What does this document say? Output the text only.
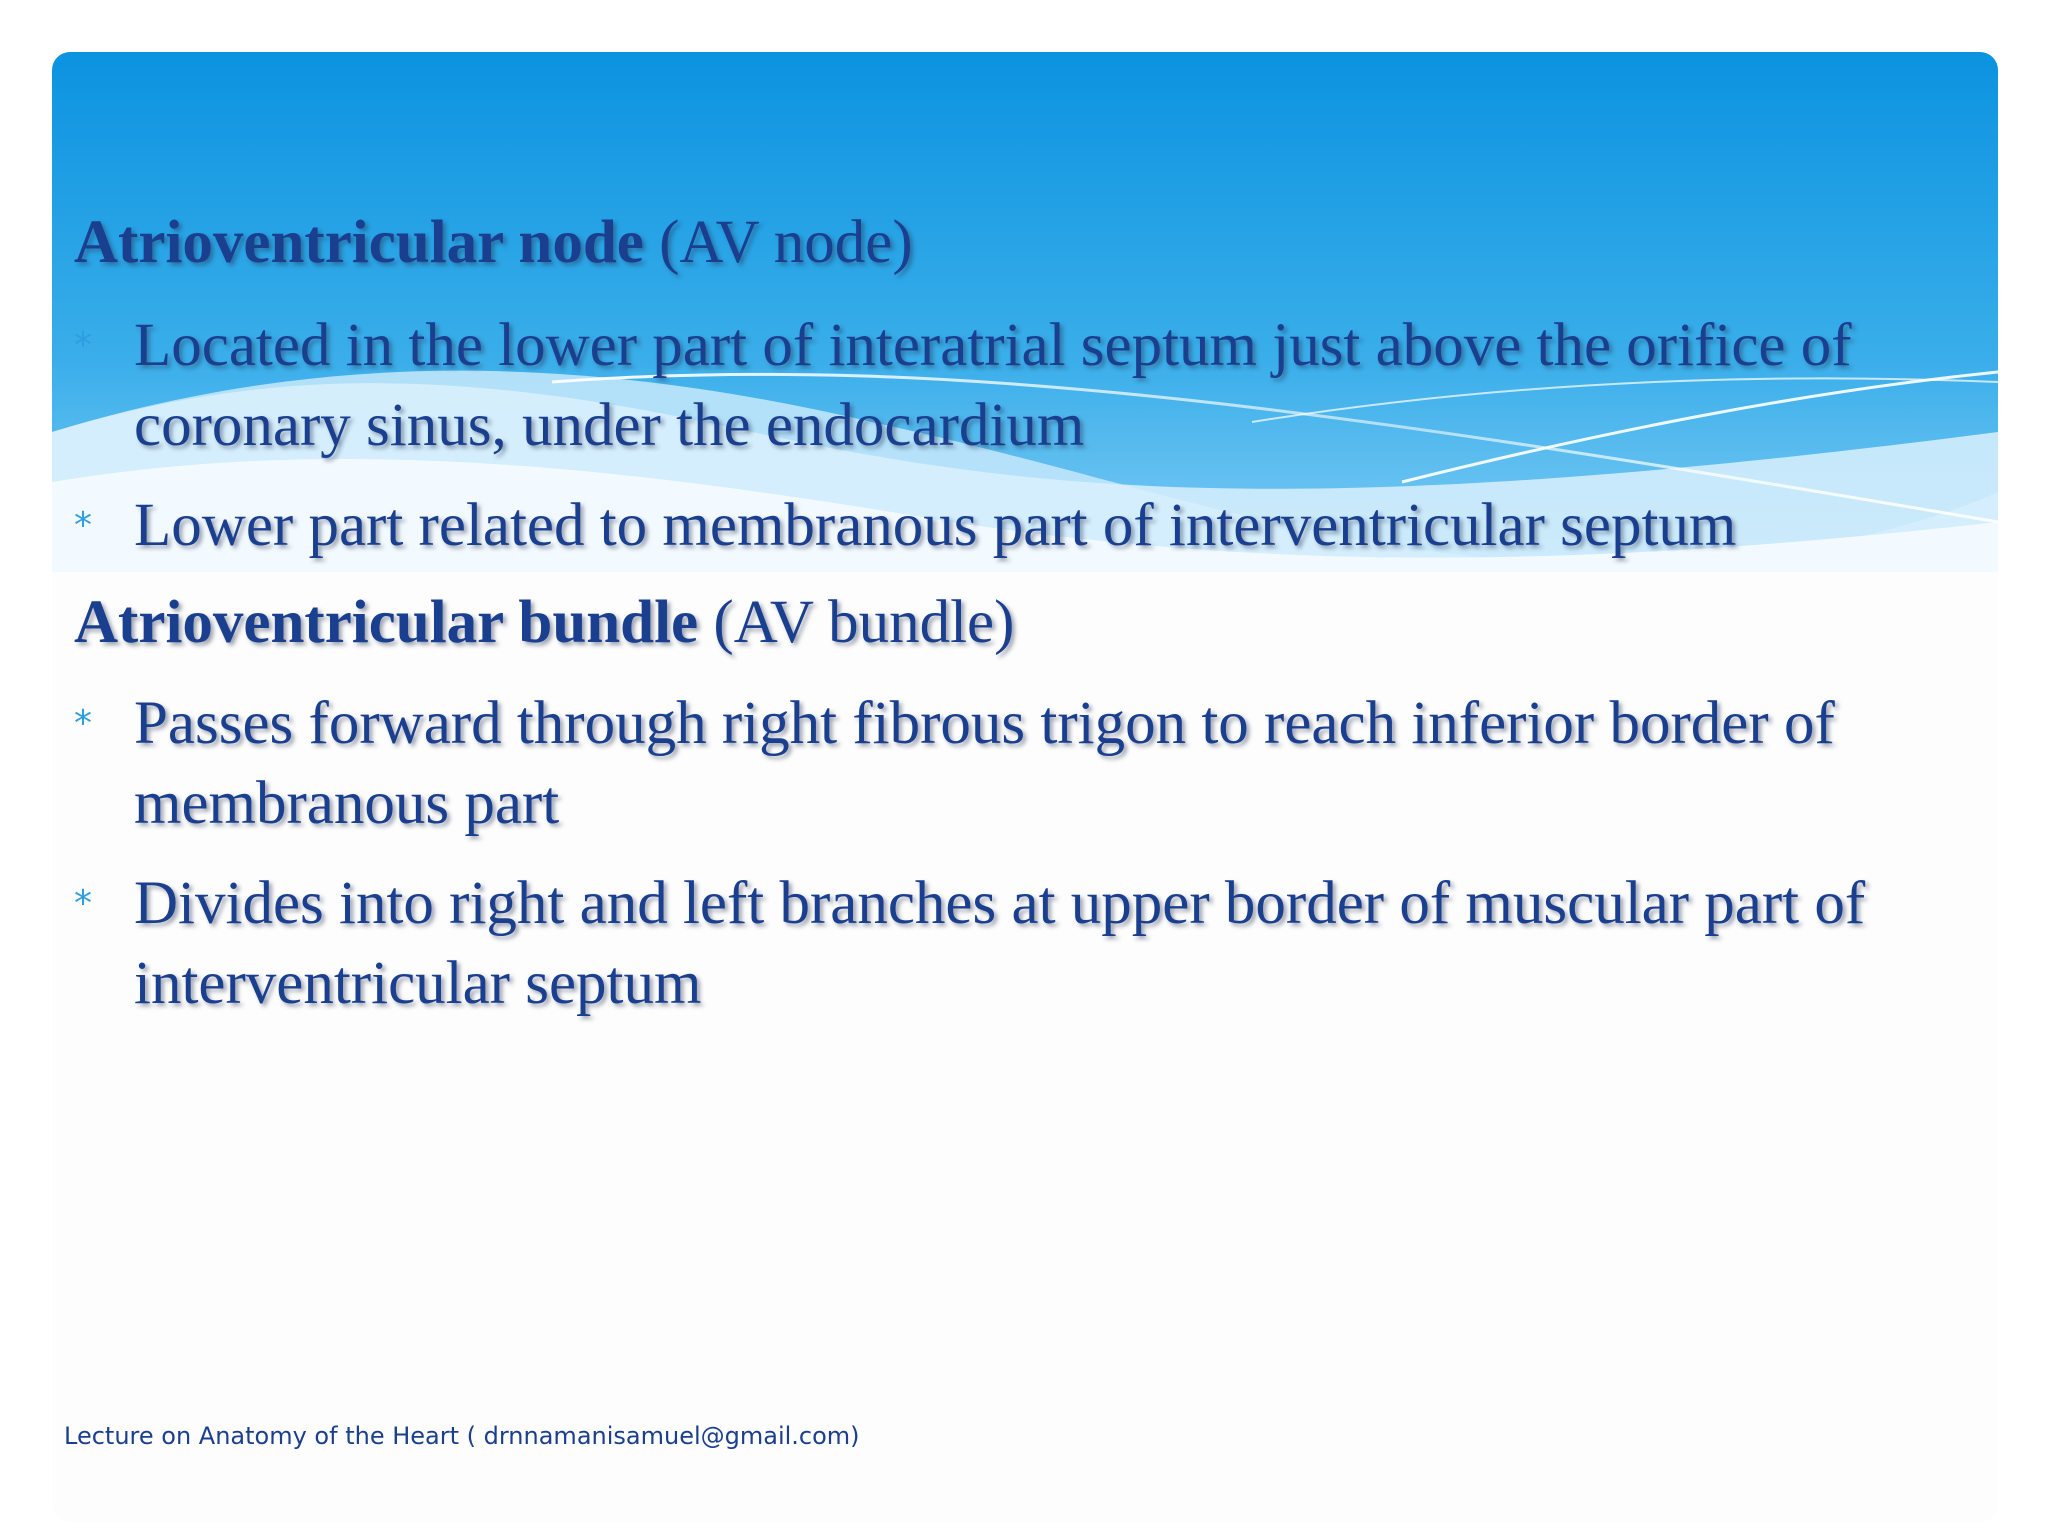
Atrioventricular node (AV node)
* Located in the lower part of interatrial septum just above the orifice of coronary sinus, under the endocardium
* Lower part related to membranous part of interventricular septum
Atrioventricular bundle (AV bundle)
* Passes forward through right fibrous trigon to reach inferior border of membranous part
* Divides into right and left branches at upper border of muscular part of interventricular septum
Lecture on Anatomy of the Heart ( drnnamanisamuel@gmail.com)
